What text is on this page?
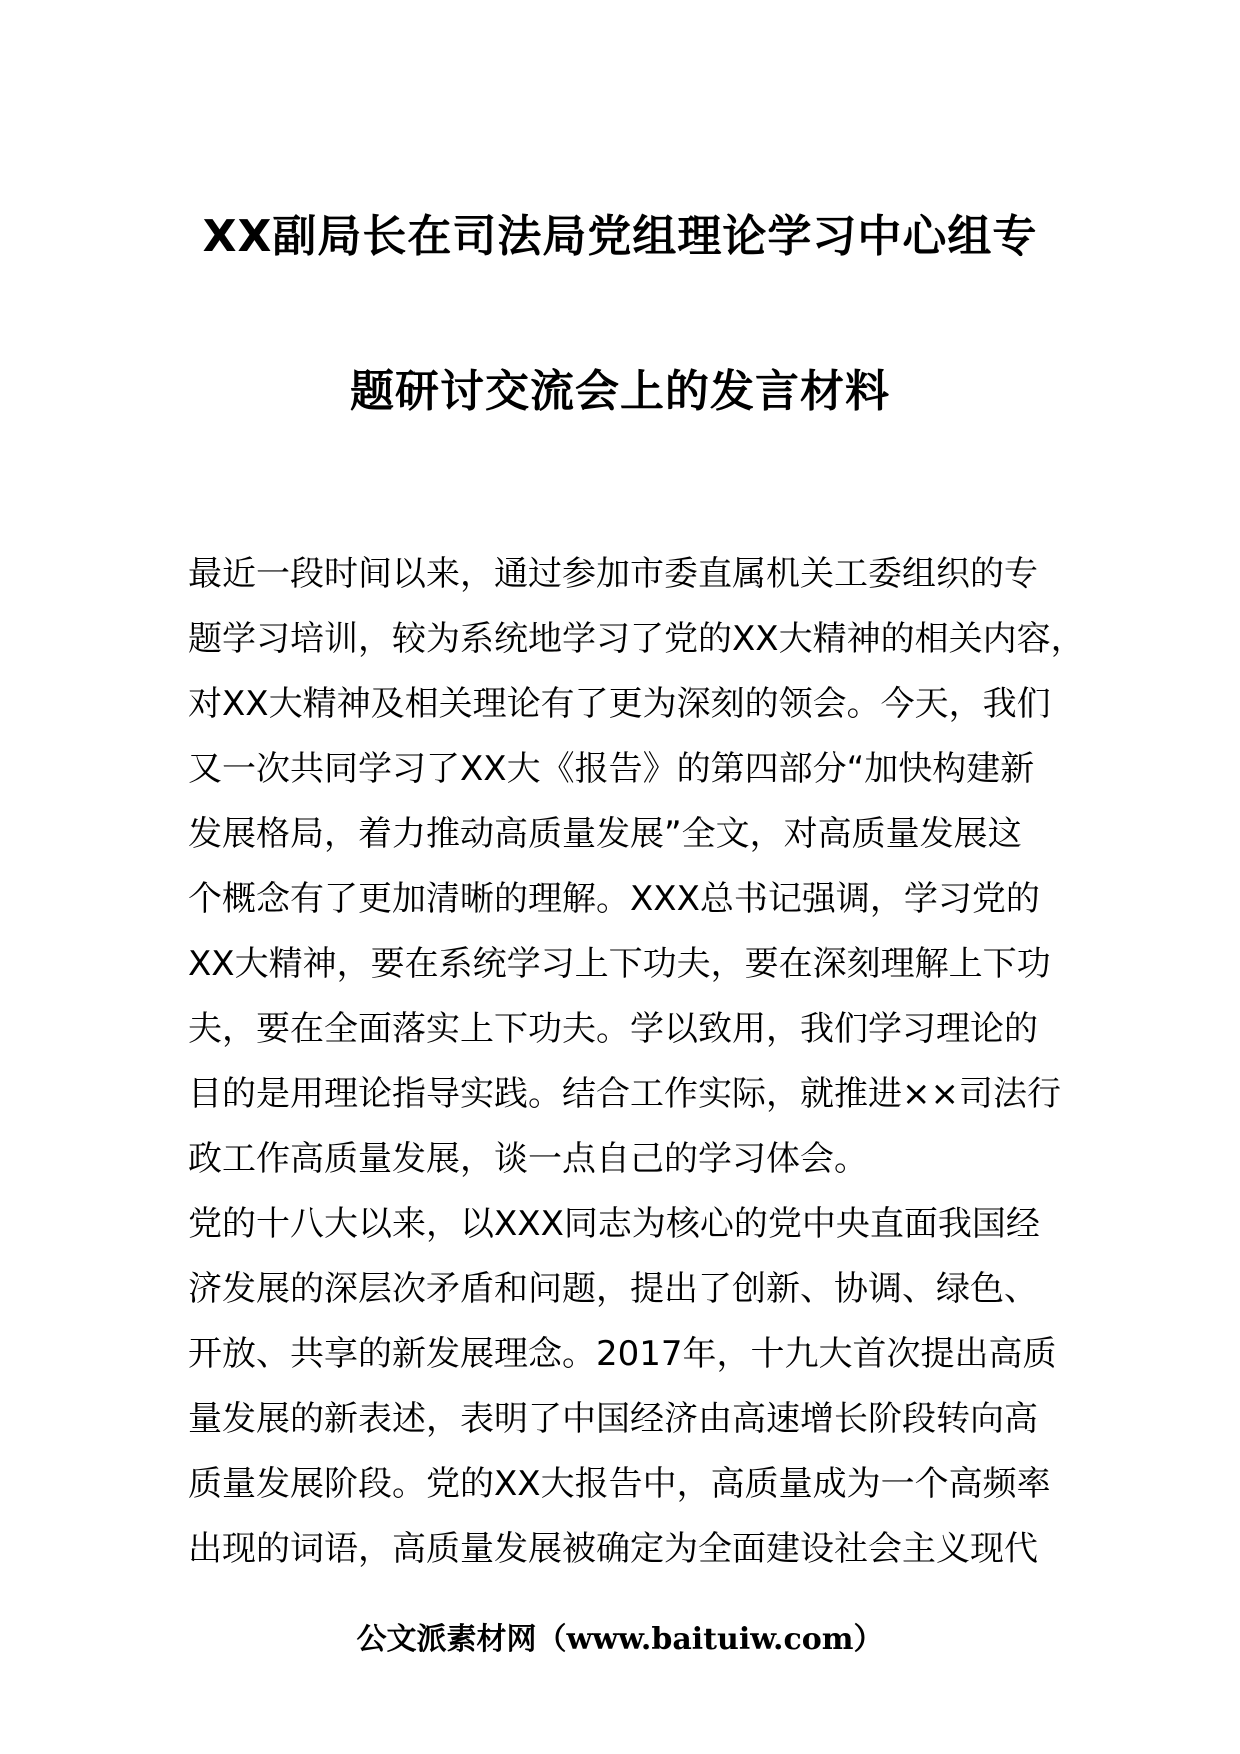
XX副局长在司法局党组理论学习中心组专
题研讨交流会上的发言材料
最近一段时间以来，通过参加市委直属机关工委组织的专
题学习培训，较为系统地学习了党的XX大精神的相关内容，
对XX大精神及相关理论有了更为深刻的领会。今天，我们
又一次共同学习了XX大《报告》的第四部分“加快构建新
发展格局，着力推动高质量发展”全文，对高质量发展这
个概念有了更加清晰的理解。XXX总书记强调，学习党的
XX大精神，要在系统学习上下功夫，要在深刻理解上下功
夫，要在全面落实上下功夫。学以致用，我们学习理论的
目的是用理论指导实践。结合工作实际，就推进××司法行
政工作高质量发展，谈一点自己的学习体会。
党的十八大以来，以XXX同志为核心的党中央直面我国经
济发展的深层次矛盾和问题，提出了创新、协调、绿色、
开放、共享的新发展理念。2017年，十九大首次提出高质
量发展的新表述，表明了中国经济由高速增长阶段转向高
质量发展阶段。党的XX大报告中，高质量成为一个高频率
出现的词语，高质量发展被确定为全面建设社会主义现代
公文派素材网（www.baituiw.com）
